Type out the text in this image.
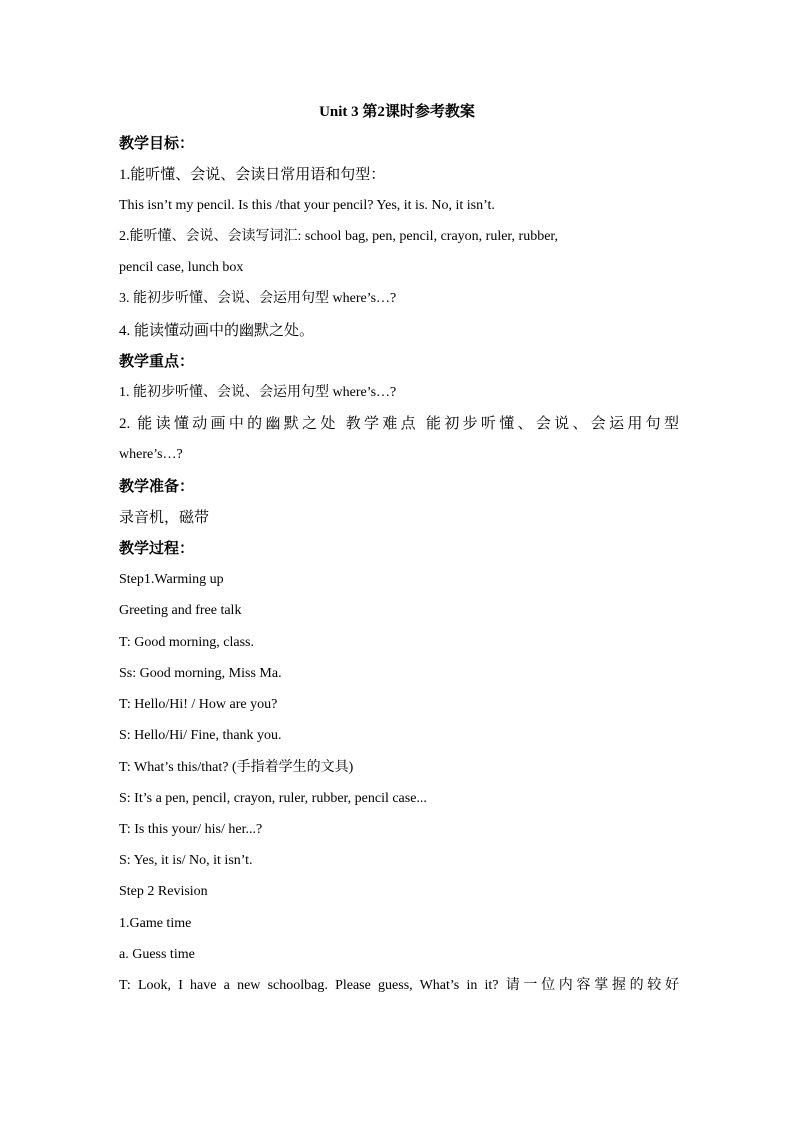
Unit 3 第2课时参考教案
教学目标：
1.能听懂、会说、会读日常用语和句型：
This isn’t my pencil. Is this /that your pencil? Yes, it is. No, it isn’t.
2.能听懂、会说、会读写词汇: school bag, pen, pencil, crayon, ruler, rubber,
pencil case, lunch box
3. 能初步听懂、会说、会运用句型 where’s…?
4. 能读懂动画中的幽默之处。
教学重点：
1. 能初步听懂、会说、会运用句型 where’s…?
2. 能读懂动画中的幽默之处 教学难点 能初步听懂、会说、会运用句型
where’s…?
教学准备：
录音机，磁带
教学过程：
Step1.Warming up
Greeting and free talk
T: Good morning, class.
Ss: Good morning, Miss Ma.
T: Hello/Hi! / How are you?
S: Hello/Hi/ Fine, thank you.
T: What’s this/that? (手指着学生的文具)
S: It’s a pen, pencil, crayon, ruler, rubber, pencil case...
T: Is this your/ his/ her...?
S: Yes, it is/ No, it isn’t.
Step 2 Revision
1.Game time
a. Guess time
T: Look, I have a new schoolbag. Please guess, What’s in it? 请一位内容掌握的较好
